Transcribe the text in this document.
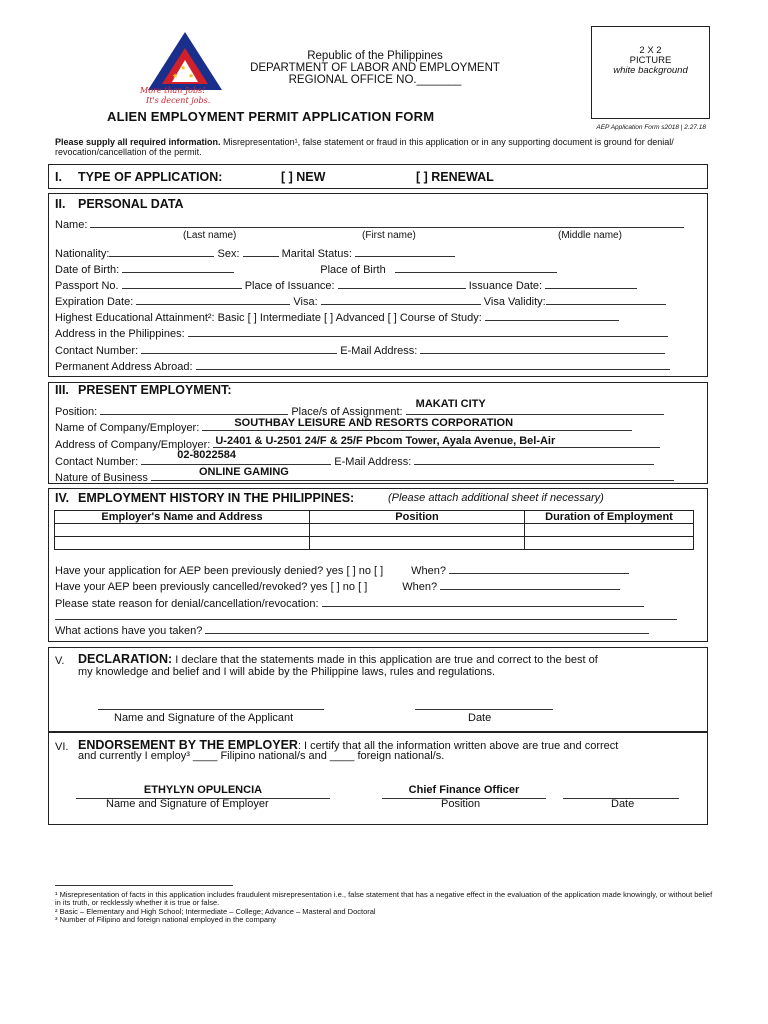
★ ★
★
More than Jobs!
It's decent jobs.
Republic of the Philippines
DEPARTMENT OF LABOR AND EMPLOYMENT
REGIONAL OFFICE NO._______
2 X 2
PICTURE
white background
ALIEN EMPLOYMENT PERMIT APPLICATION FORM
AEP Application Form s2018 | 2.27.18
Please supply all required information. Misrepresentation¹, false statement or fraud in this application or in any supporting document is ground for denial/ revocation/cancellation of the permit.
I. TYPE OF APPLICATION:	[ ] NEW	[ ] RENEWAL
II. PERSONAL DATA
Name:
(Last name)	(First name)	(Middle name)
Nationality:	Sex:	Marital Status:
Date of Birth:	Place of Birth
Passport No.	Place of Issuance:	Issuance Date:
Expiration Date:	Visa:	Visa Validity:
Highest Educational Attainment²: Basic [ ] Intermediate [ ] Advanced [ ] Course of Study:
Address in the Philippines:
Contact Number:	E-Mail Address:
Permanent Address Abroad:
III. PRESENT EMPLOYMENT:
Position:	Place/s of Assignment:
MAKATI CITY
Name of Company/Employer:	SOUTHBAY LEISURE AND RESORTS CORPORATION
Address of Company/Employer: U-2401 & U-2501 24/F & 25/F Pbcom Tower, Ayala Avenue, Bel-Air
Contact Number:
02-8022584
E-Mail Address:
Nature of Business	ONLINE GAMING
IV. EMPLOYMENT HISTORY IN THE PHILIPPINES:	(Please attach additional sheet if necessary)
Employer's Name and Address	Position	Duration of Employment

Have your application for AEP been previously denied? yes [ ] no [ ]	When?
Have your AEP been previously cancelled/revoked? yes [ ] no [ ]	When?
Please state reason for denial/cancellation/revocation:
What actions have you taken?
V. DECLARATION: I declare that the statements made in this application are true and correct to the best of
my knowledge and belief and I will abide by the Philippine laws, rules and regulations.
Name and Signature of the Applicant	Date
VI. ENDORSEMENT BY THE EMPLOYER: I certify that all the information written above are true and correct
and currently I employ³ ____ Filipino national/s and ____ foreign national/s.
ETHYLYN OPULENCIA
Name and Signature of Employer
Chief Finance Officer
Position	Date
¹ Misrepresentation of facts in this application includes fraudulent misrepresentation i.e., false statement that has a negative effect in the evaluation of the application made knowingly, or without belief in its truth, or recklessly whether it is true or false.
² Basic – Elementary and High School; Intermediate – College; Advance – Masteral and Doctoral
³ Number of Filipino and foreign national employed in the company
